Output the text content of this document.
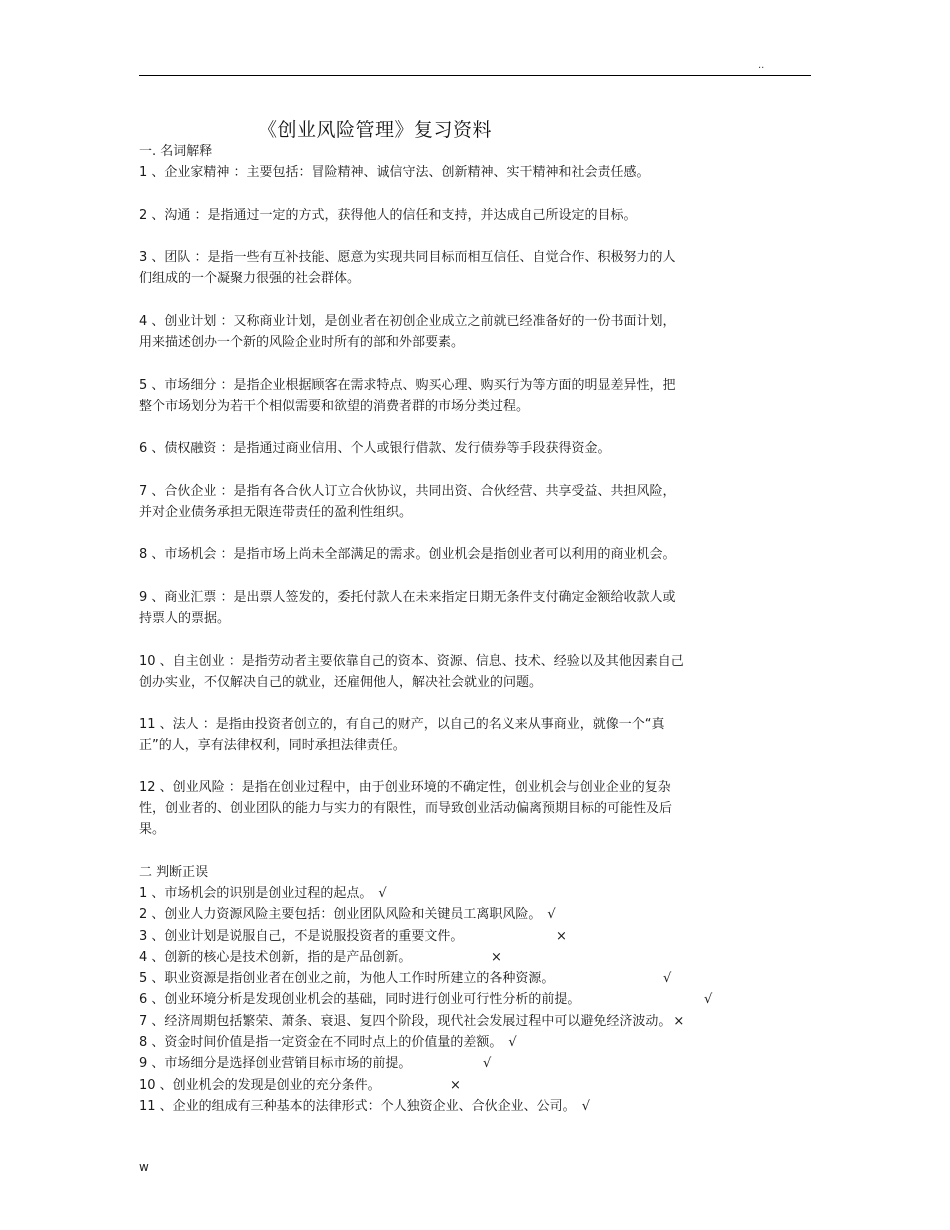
..
《创业风险管理》复习资料
一. 名词解释

1 、企业家精神 ：主要包括：冒险精神、诚信守法、创新精神、实干精神和社会责任感。

2 、沟通 ：是指通过一定的方式，获得他人的信任和支持，并达成自己所设定的目标。

3 、团队 ：是指一些有互补技能、愿意为实现共同目标而相互信任、自觉合作、积极努力的人

们组成的一个凝聚力很强的社会群体。

4 、创业计划 ：又称商业计划，是创业者在初创企业成立之前就已经准备好的一份书面计划，

用来描述创办一个新的风险企业时所有的部和外部要素。

5 、市场细分 ：是指企业根据顾客在需求特点、购买心理、购买行为等方面的明显差异性，把

整个市场划分为若干个相似需要和欲望的消费者群的市场分类过程。

6 、债权融资 ：是指通过商业信用、个人或银行借款、发行债券等手段获得资金。

7 、合伙企业 ：是指有各合伙人订立合伙协议，共同出资、合伙经营、共享受益、共担风险，

并对企业债务承担无限连带责任的盈利性组织。

8 、市场机会 ：是指市场上尚未全部满足的需求。创业机会是指创业者可以利用的商业机会。

9 、商业汇票 ：是出票人签发的，委托付款人在未来指定日期无条件支付确定金额给收款人或

持票人的票据。

10 、自主创业 ：是指劳动者主要依靠自己的资本、资源、信息、技术、经验以及其他因素自己

创办实业，不仅解决自己的就业，还雇佣他人，解决社会就业的问题。

11 、法人 ：是指由投资者创立的，有自己的财产，以自己的名义来从事商业，就像一个“真

正”的人，享有法律权利，同时承担法律责任。

12 、创业风险 ：是指在创业过程中，由于创业环境的不确定性，创业机会与创业企业的复杂

性，创业者的、创业团队的能力与实力的有限性，而导致创业活动偏离预期目标的可能性及后

果。

二 判断正误
1 、市场机会的识别是创业过程的起点。 √
2 、创业人力资源风险主要包括：创业团队风险和关键员工离职风险。 √
3 、创业计划是说服自己，不是说服投资者的重要文件。	×
4 、创新的核心是技术创新，指的是产品创新。	×
5 、职业资源是指创业者在创业之前，为他人工作时所建立的各种资源。	√
6 、创业环境分析是发现创业机会的基础，同时进行创业可行性分析的前提。	√
7 、经济周期包括繁荣、萧条、衰退、复四个阶段，现代社会发展过程中可以避免经济波动。 ×
8 、资金时间价值是指一定资金在不同时点上的价值量的差额。 √
9 、市场细分是选择创业营销目标市场的前提。	√
10 、创业机会的发现是创业的充分条件。	×
11 、企业的组成有三种基本的法律形式：个人独资企业、合伙企业、公司。 √
w
